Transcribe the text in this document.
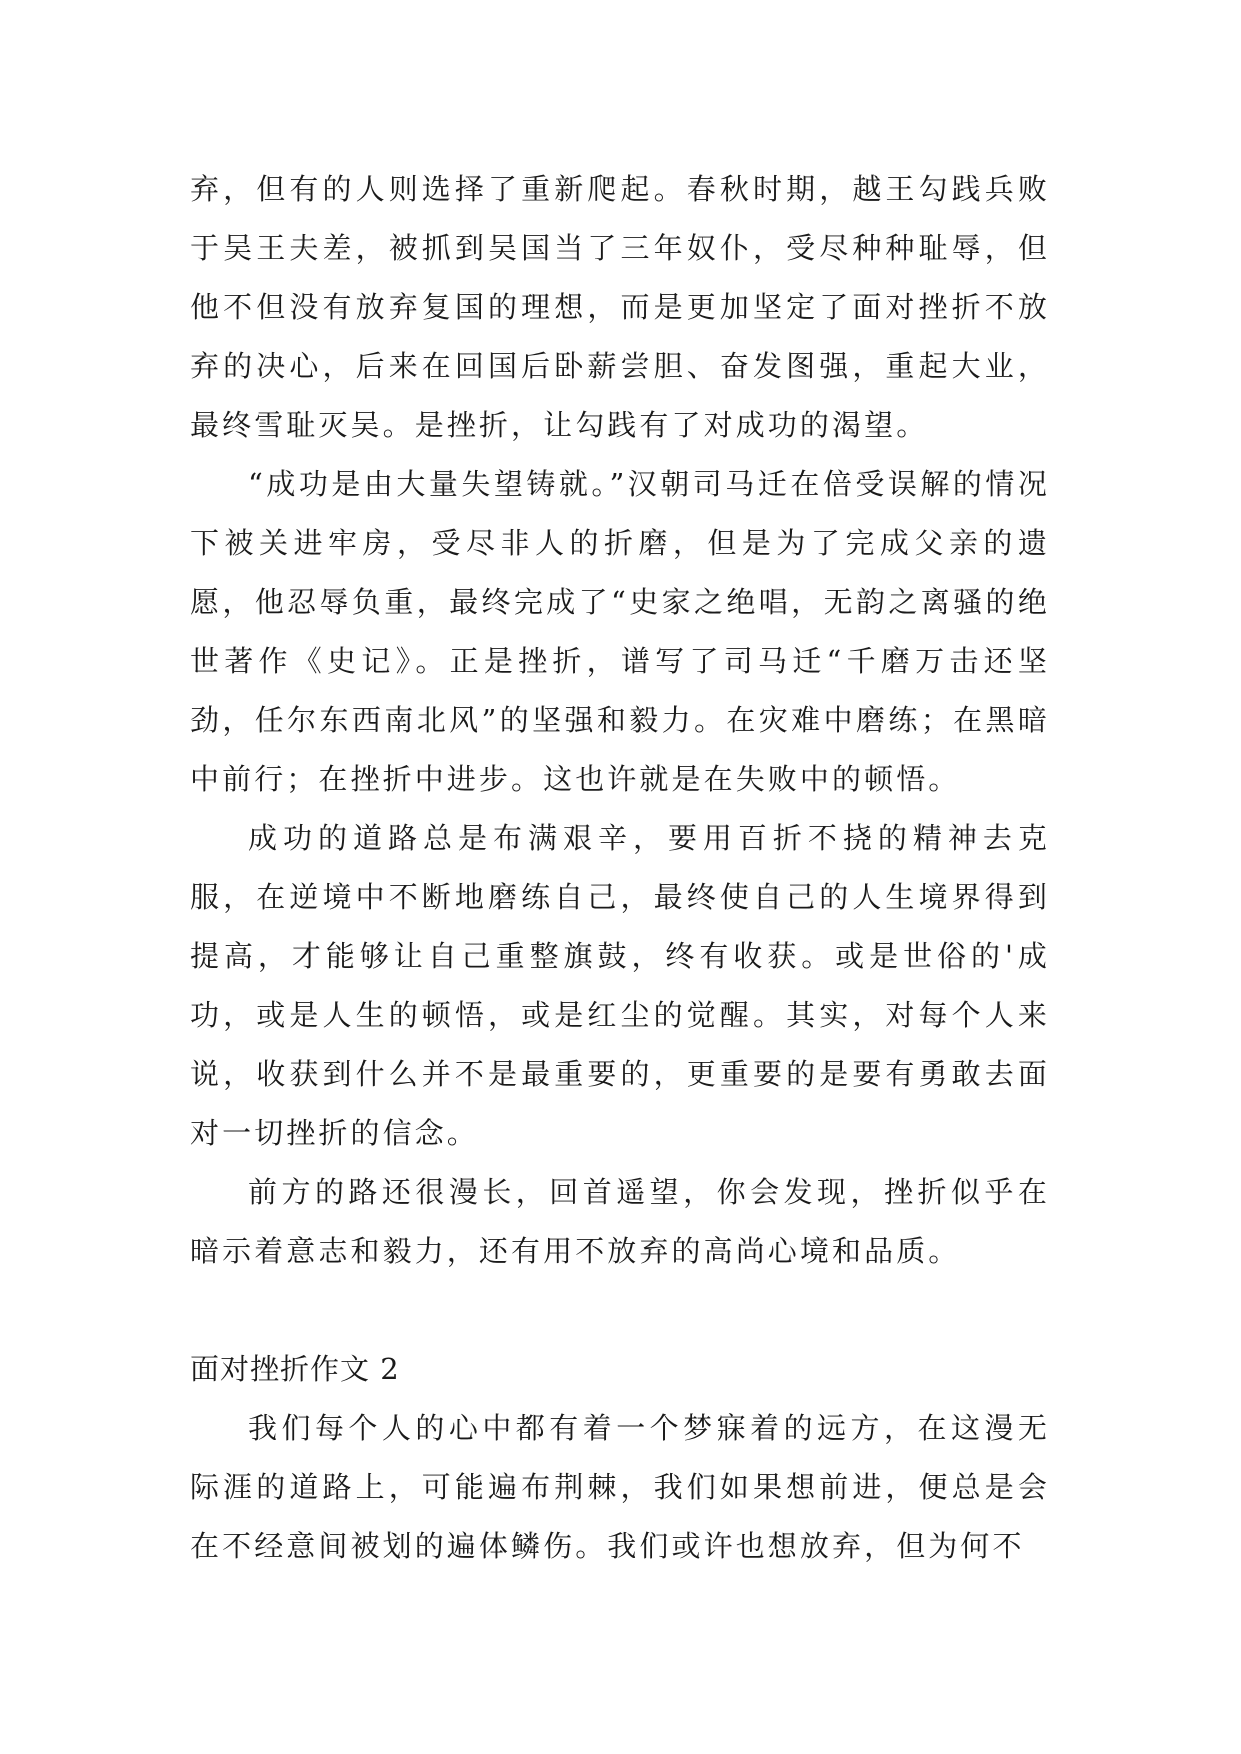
弃，但有的人则选择了重新爬起。春秋时期，越王勾践兵败于吴王夫差，被抓到吴国当了三年奴仆，受尽种种耻辱，但他不但没有放弃复国的理想，而是更加坚定了面对挫折不放弃的决心，后来在回国后卧薪尝胆、奋发图强，重起大业，最终雪耻灭吴。是挫折，让勾践有了对成功的渴望。

“成功是由大量失望铸就。”汉朝司马迁在倍受误解的情况下被关进牢房，受尽非人的折磨，但是为了完成父亲的遗愿，他忍辱负重，最终完成了“史家之绝唱，无韵之离骚的绝世著作《史记》。正是挫折，谱写了司马迁“千磨万击还坚劲，任尔东西南北风”的坚强和毅力。在灾难中磨练；在黑暗中前行；在挫折中进步。这也许就是在失败中的顿悟。

成功的道路总是布满艰辛，要用百折不挠的精神去克服，在逆境中不断地磨练自己，最终使自己的人生境界得到提高，才能够让自己重整旗鼓，终有收获。或是世俗的'成功，或是人生的顿悟，或是红尘的觉醒。其实，对每个人来说，收获到什么并不是最重要的，更重要的是要有勇敢去面对一切挫折的信念。

前方的路还很漫长，回首遥望，你会发现，挫折似乎在暗示着意志和毅力，还有用不放弃的高尚心境和品质。

面对挫折作文 2

我们每个人的心中都有着一个梦寐着的远方，在这漫无际涯的道路上，可能遍布荆棘，我们如果想前进，便总是会在不经意间被划的遍体鳞伤。我们或许也想放弃，但为何不
